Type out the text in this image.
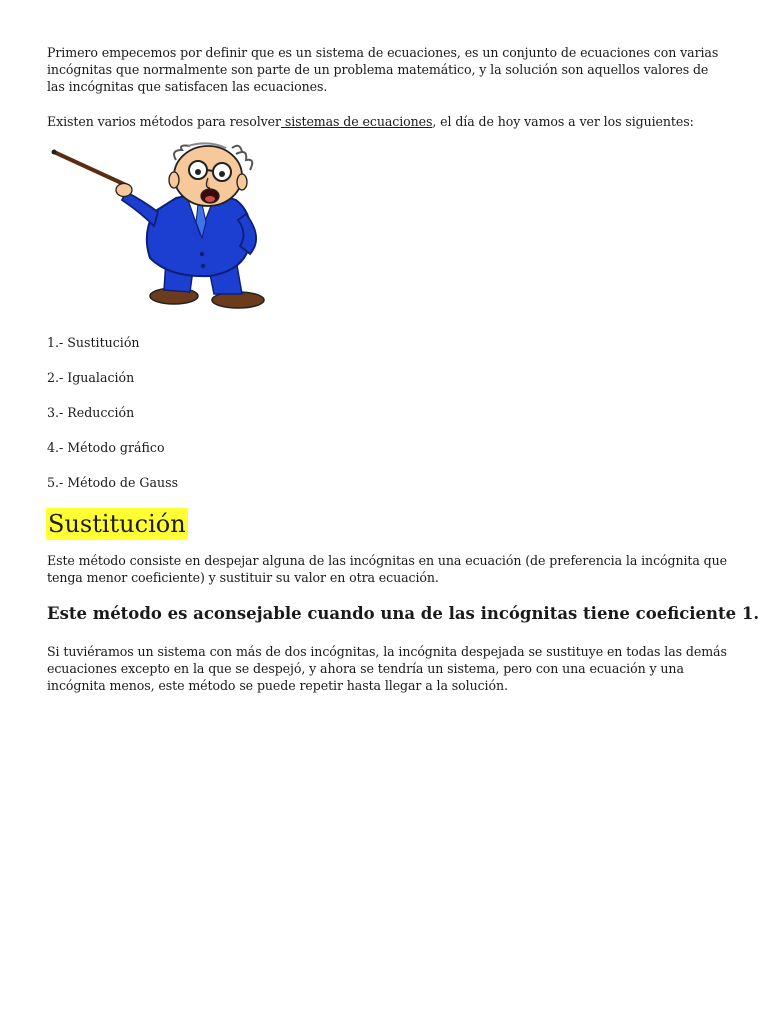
Primero empecemos por definir que es un sistema de ecuaciones, es un conjunto de ecuaciones con varias incógnitas que normalmente son parte de un problema matemático, y la solución son aquellos valores de las incógnitas que satisfacen las ecuaciones.

Existen varios métodos para resolver sistemas de ecuaciones, el día de hoy vamos a ver los siguientes:

1.- Sustitución

2.- Igualación

3.- Reducción

4.- Método gráfico

5.- Método de Gauss

Sustitución

Este método consiste en despejar alguna de las incógnitas en una ecuación (de preferencia la incógnita que tenga menor coeficiente) y sustituir su valor en otra ecuación.

Este método es aconsejable cuando una de las incógnitas tiene coeficiente 1.

Si tuviéramos un sistema con más de dos incógnitas, la incógnita despejada se sustituye en todas las demás ecuaciones excepto en la que se despejó, y ahora se tendría un sistema, pero con una ecuación y una incógnita menos, este método se puede repetir hasta llegar a la solución.
